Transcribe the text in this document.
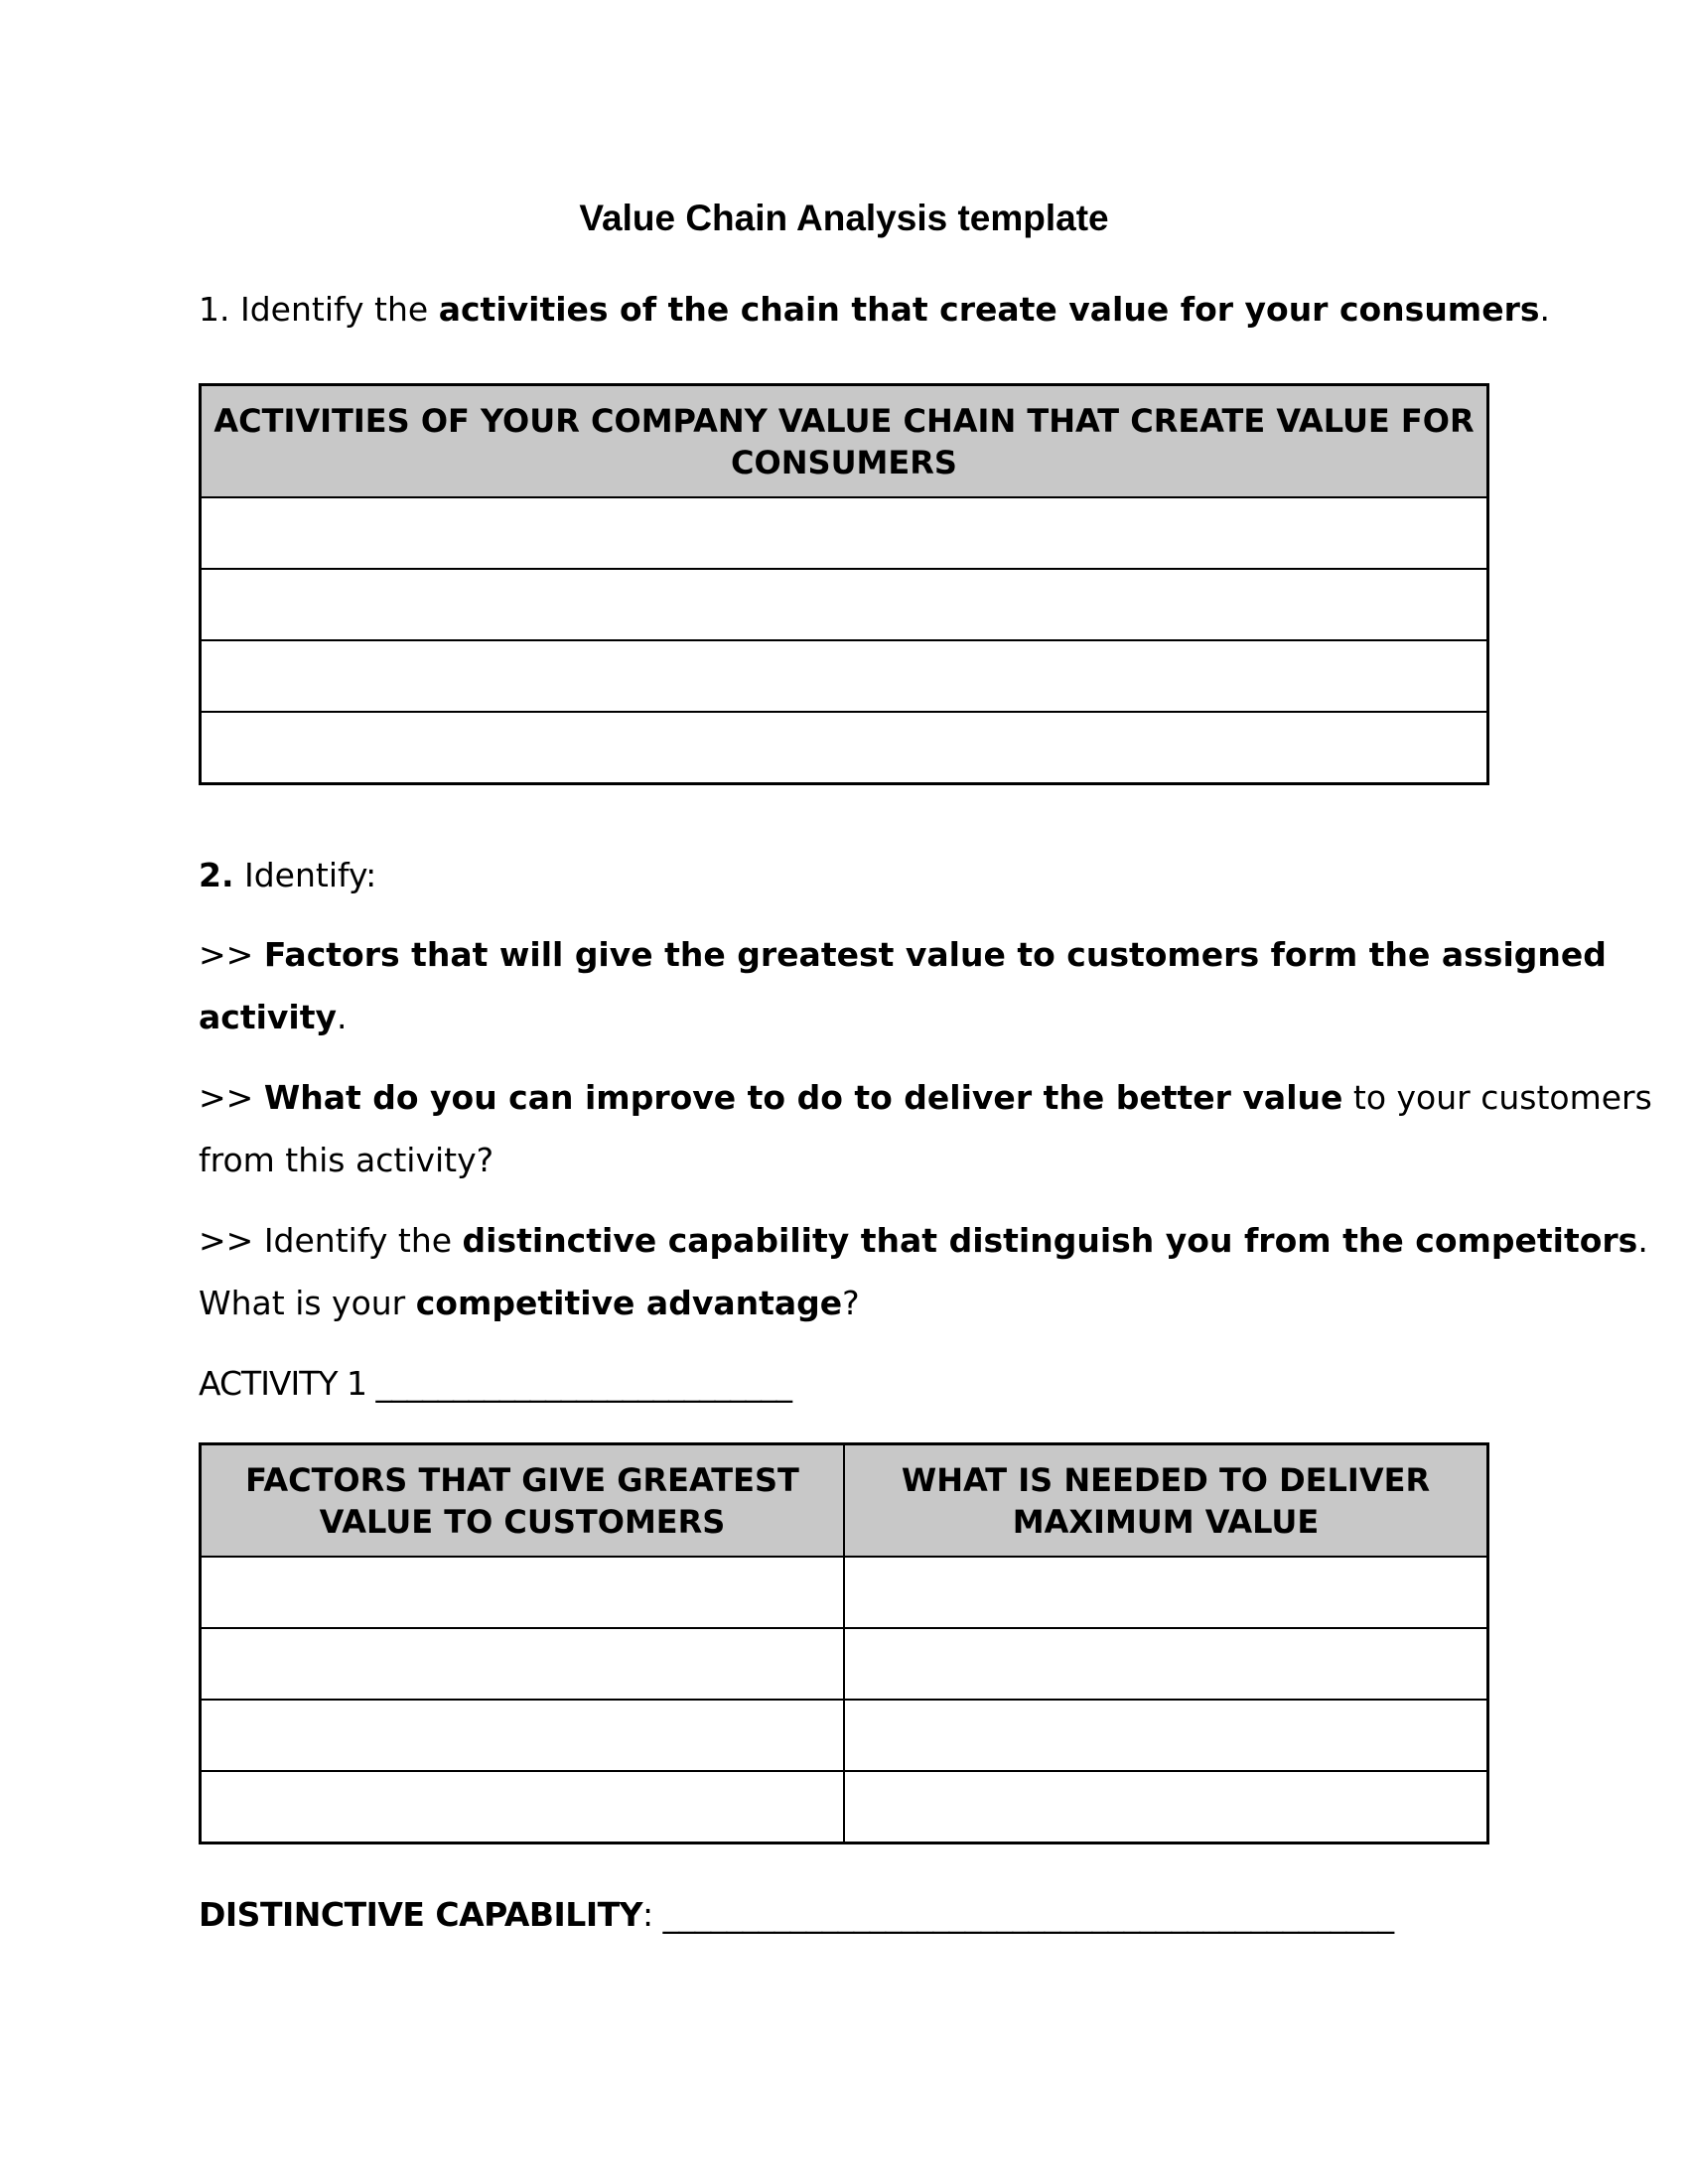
Value Chain Analysis template
1. Identify the activities of the chain that create value for your consumers.
ACTIVITIES OF YOUR COMPANY VALUE CHAIN THAT CREATE VALUE FOR CONSUMERS

2. Identify:
>> Factors that will give the greatest value to customers form the assigned
activity.
>> What do you can improve to do to deliver the better value to your customers
from this activity?
>> Identify the distinctive capability that distinguish you from the competitors.
What is your competitive advantage?
ACTIVITY 1 ___________________________
FACTORS THAT GIVE GREATEST VALUE TO CUSTOMERS	WHAT IS NEEDED TO DELIVER MAXIMUM VALUE

DISTINCTIVE CAPABILITY: ______________________________________________
